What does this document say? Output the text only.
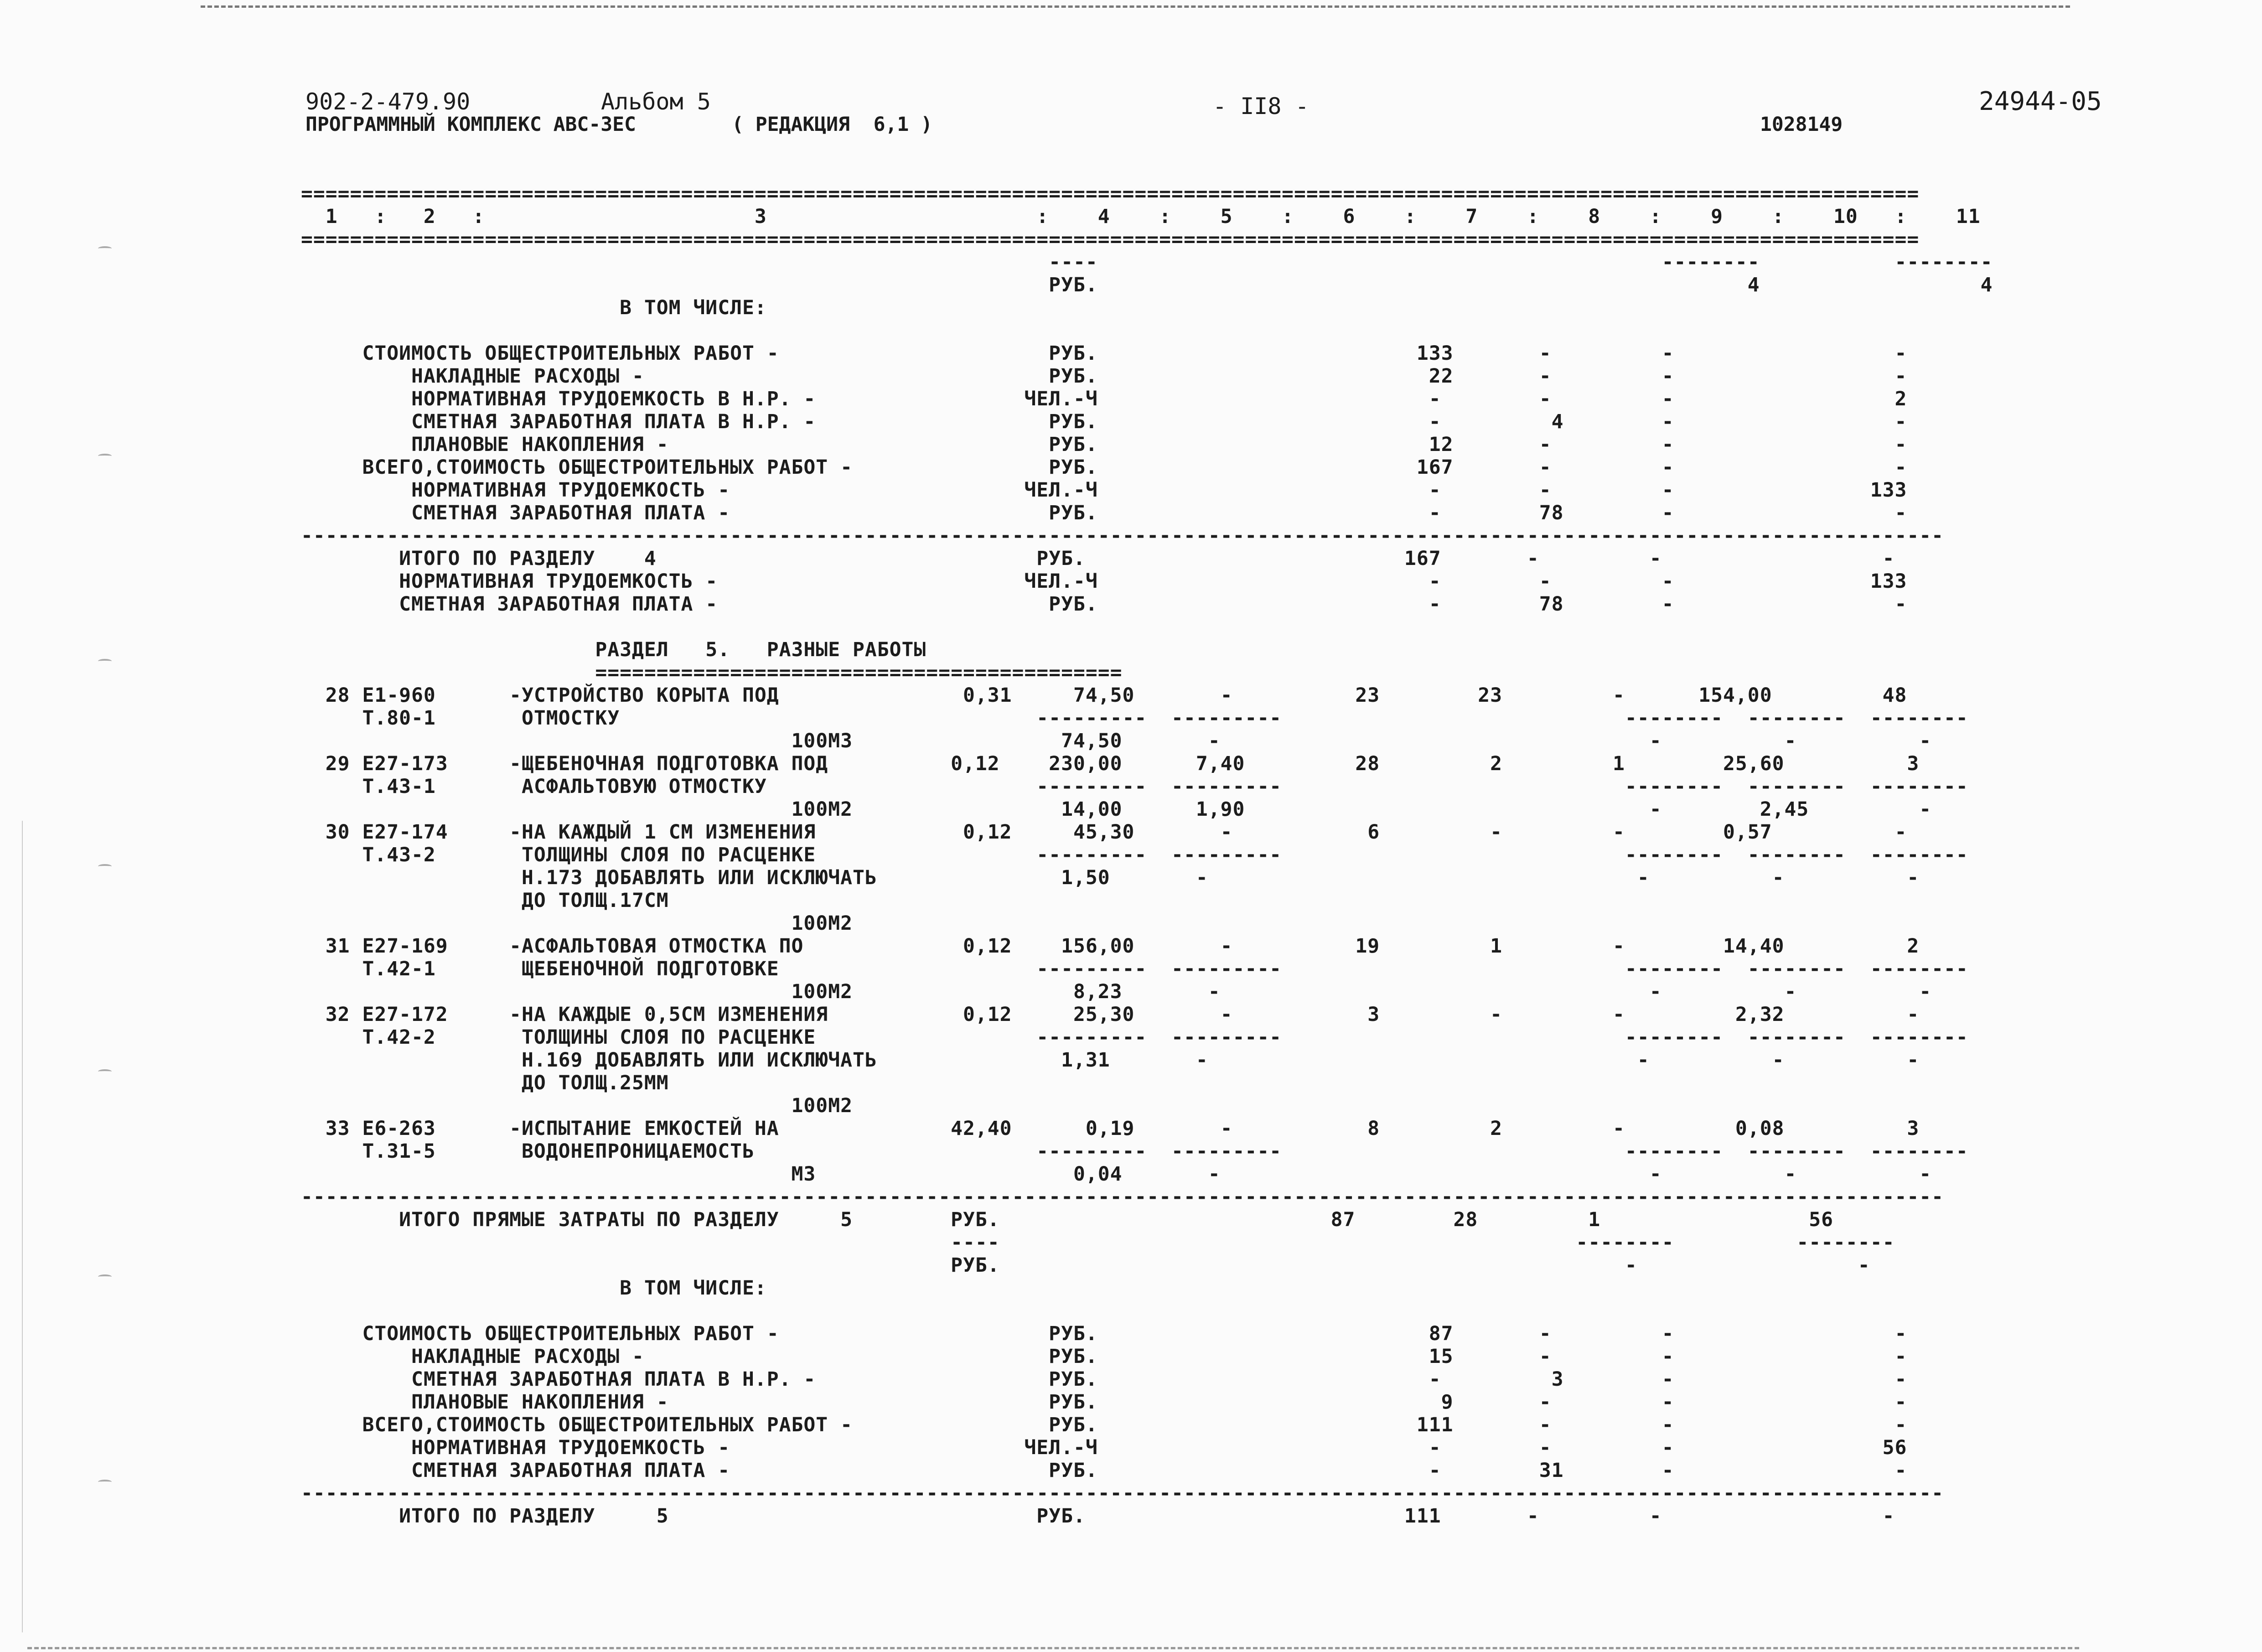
902-2-479.90	Альбом 5
ПРОГРАММНЫЙ КОМПЛЕКС АВС-3ЕС	( РЕДАКЦИЯ  6,1 )
- II8 -
1028149
24944-05
====================================================================================================================================
1   :   2   :                      3                      :    4    :    5    :    6    :    7    :    8    :    9    :    10   :    11
====================================================================================================================================
----                                              --------           --------
РУБ.                                                     4                  4
В ТОМ ЧИСЛЕ:
СТОИМОСТЬ ОБЩЕСТРОИТЕЛЬНЫХ РАБОТ -                      РУБ.                          133       -         -                  -
НАКЛАДНЫЕ РАСХОДЫ -                                 РУБ.                           22       -         -                  -
НОРМАТИВНАЯ ТРУДОЕМКОСТЬ В Н.Р. -                 ЧЕЛ.-Ч                           -        -         -                  2
СМЕТНАЯ ЗАРАБОТНАЯ ПЛАТА В Н.Р. -                   РУБ.                           -         4        -                  -
ПЛАНОВЫЕ НАКОПЛЕНИЯ -                               РУБ.                           12       -         -                  -
ВСЕГО,СТОИМОСТЬ ОБЩЕСТРОИТЕЛЬНЫХ РАБОТ -                РУБ.                          167       -         -                  -
НОРМАТИВНАЯ ТРУДОЕМКОСТЬ -                        ЧЕЛ.-Ч                           -        -         -                133
СМЕТНАЯ ЗАРАБОТНАЯ ПЛАТА -                          РУБ.                           -        78        -                  -
--------------------------------------------------------------------------------------------------------------------------------------
ИТОГО ПО РАЗДЕЛУ    4                               РУБ.                          167       -         -                  -
НОРМАТИВНАЯ ТРУДОЕМКОСТЬ -                         ЧЕЛ.-Ч                           -        -         -                133
СМЕТНАЯ ЗАРАБОТНАЯ ПЛАТА -                           РУБ.                           -        78        -                  -
РАЗДЕЛ   5.   РАЗНЫЕ РАБОТЫ
===========================================
28 Е1-960      -УСТРОЙСТВО КОРЫТА ПОД               0,31     74,50       -          23        23         -      154,00         48
Т.80-1       ОТМОСТКУ                                  ---------  ---------                            --------  --------  --------
100М3                 74,50       -                                   -          -          -
29 Е27-173     -ЩЕБЕНОЧНАЯ ПОДГОТОВКА ПОД          0,12    230,00      7,40         28         2         1        25,60          3
Т.43-1       АСФАЛЬТОВУЮ ОТМОСТКУ                      ---------  ---------                            --------  --------  --------
100М2                 14,00      1,90                                 -        2,45         -
30 Е27-174     -НА КАЖДЫЙ 1 СМ ИЗМЕНЕНИЯ            0,12     45,30       -           6         -         -        0,57          -
Т.43-2       ТОЛЩИНЫ СЛОЯ ПО РАСЦЕНКЕ                  ---------  ---------                            --------  --------  --------
Н.173 ДОБАВЛЯТЬ ИЛИ ИСКЛЮЧАТЬ               1,50       -                                   -          -          -
ДО ТОЛЩ.17СМ
100М2
31 Е27-169     -АСФАЛЬТОВАЯ ОТМОСТКА ПО             0,12    156,00       -          19         1         -        14,40          2
Т.42-1       ЩЕБЕНОЧНОЙ ПОДГОТОВКЕ                     ---------  ---------                            --------  --------  --------
100М2                  8,23       -                                   -          -          -
32 Е27-172     -НА КАЖДЫЕ 0,5СМ ИЗМЕНЕНИЯ           0,12     25,30       -           3         -         -         2,32          -
Т.42-2       ТОЛЩИНЫ СЛОЯ ПО РАСЦЕНКЕ                  ---------  ---------                            --------  --------  --------
Н.169 ДОБАВЛЯТЬ ИЛИ ИСКЛЮЧАТЬ               1,31       -                                   -          -          -
ДО ТОЛЩ.25ММ
100М2
33 Е6-263      -ИСПЫТАНИЕ ЕМКОСТЕЙ НА              42,40      0,19       -           8         2         -         0,08          3
Т.31-5       ВОДОНЕПРОНИЦАЕМОСТЬ                       ---------  ---------                            --------  --------  --------
М3                     0,04       -                                   -          -          -
--------------------------------------------------------------------------------------------------------------------------------------
ИТОГО ПРЯМЫЕ ЗАТРАТЫ ПО РАЗДЕЛУ     5        РУБ.                           87        28         1                 56
----                                               --------          --------
РУБ.                                                   -                  -
В ТОМ ЧИСЛЕ:
СТОИМОСТЬ ОБЩЕСТРОИТЕЛЬНЫХ РАБОТ -                      РУБ.                           87       -         -                  -
НАКЛАДНЫЕ РАСХОДЫ -                                 РУБ.                           15       -         -                  -
СМЕТНАЯ ЗАРАБОТНАЯ ПЛАТА В Н.Р. -                   РУБ.                           -         3        -                  -
ПЛАНОВЫЕ НАКОПЛЕНИЯ -                               РУБ.                            9       -         -                  -
ВСЕГО,СТОИМОСТЬ ОБЩЕСТРОИТЕЛЬНЫХ РАБОТ -                РУБ.                          111       -         -                  -
НОРМАТИВНАЯ ТРУДОЕМКОСТЬ -                        ЧЕЛ.-Ч                           -        -         -                 56
СМЕТНАЯ ЗАРАБОТНАЯ ПЛАТА -                          РУБ.                           -        31        -                  -
--------------------------------------------------------------------------------------------------------------------------------------
ИТОГО ПО РАЗДЕЛУ     5                              РУБ.                          111       -         -                  -
